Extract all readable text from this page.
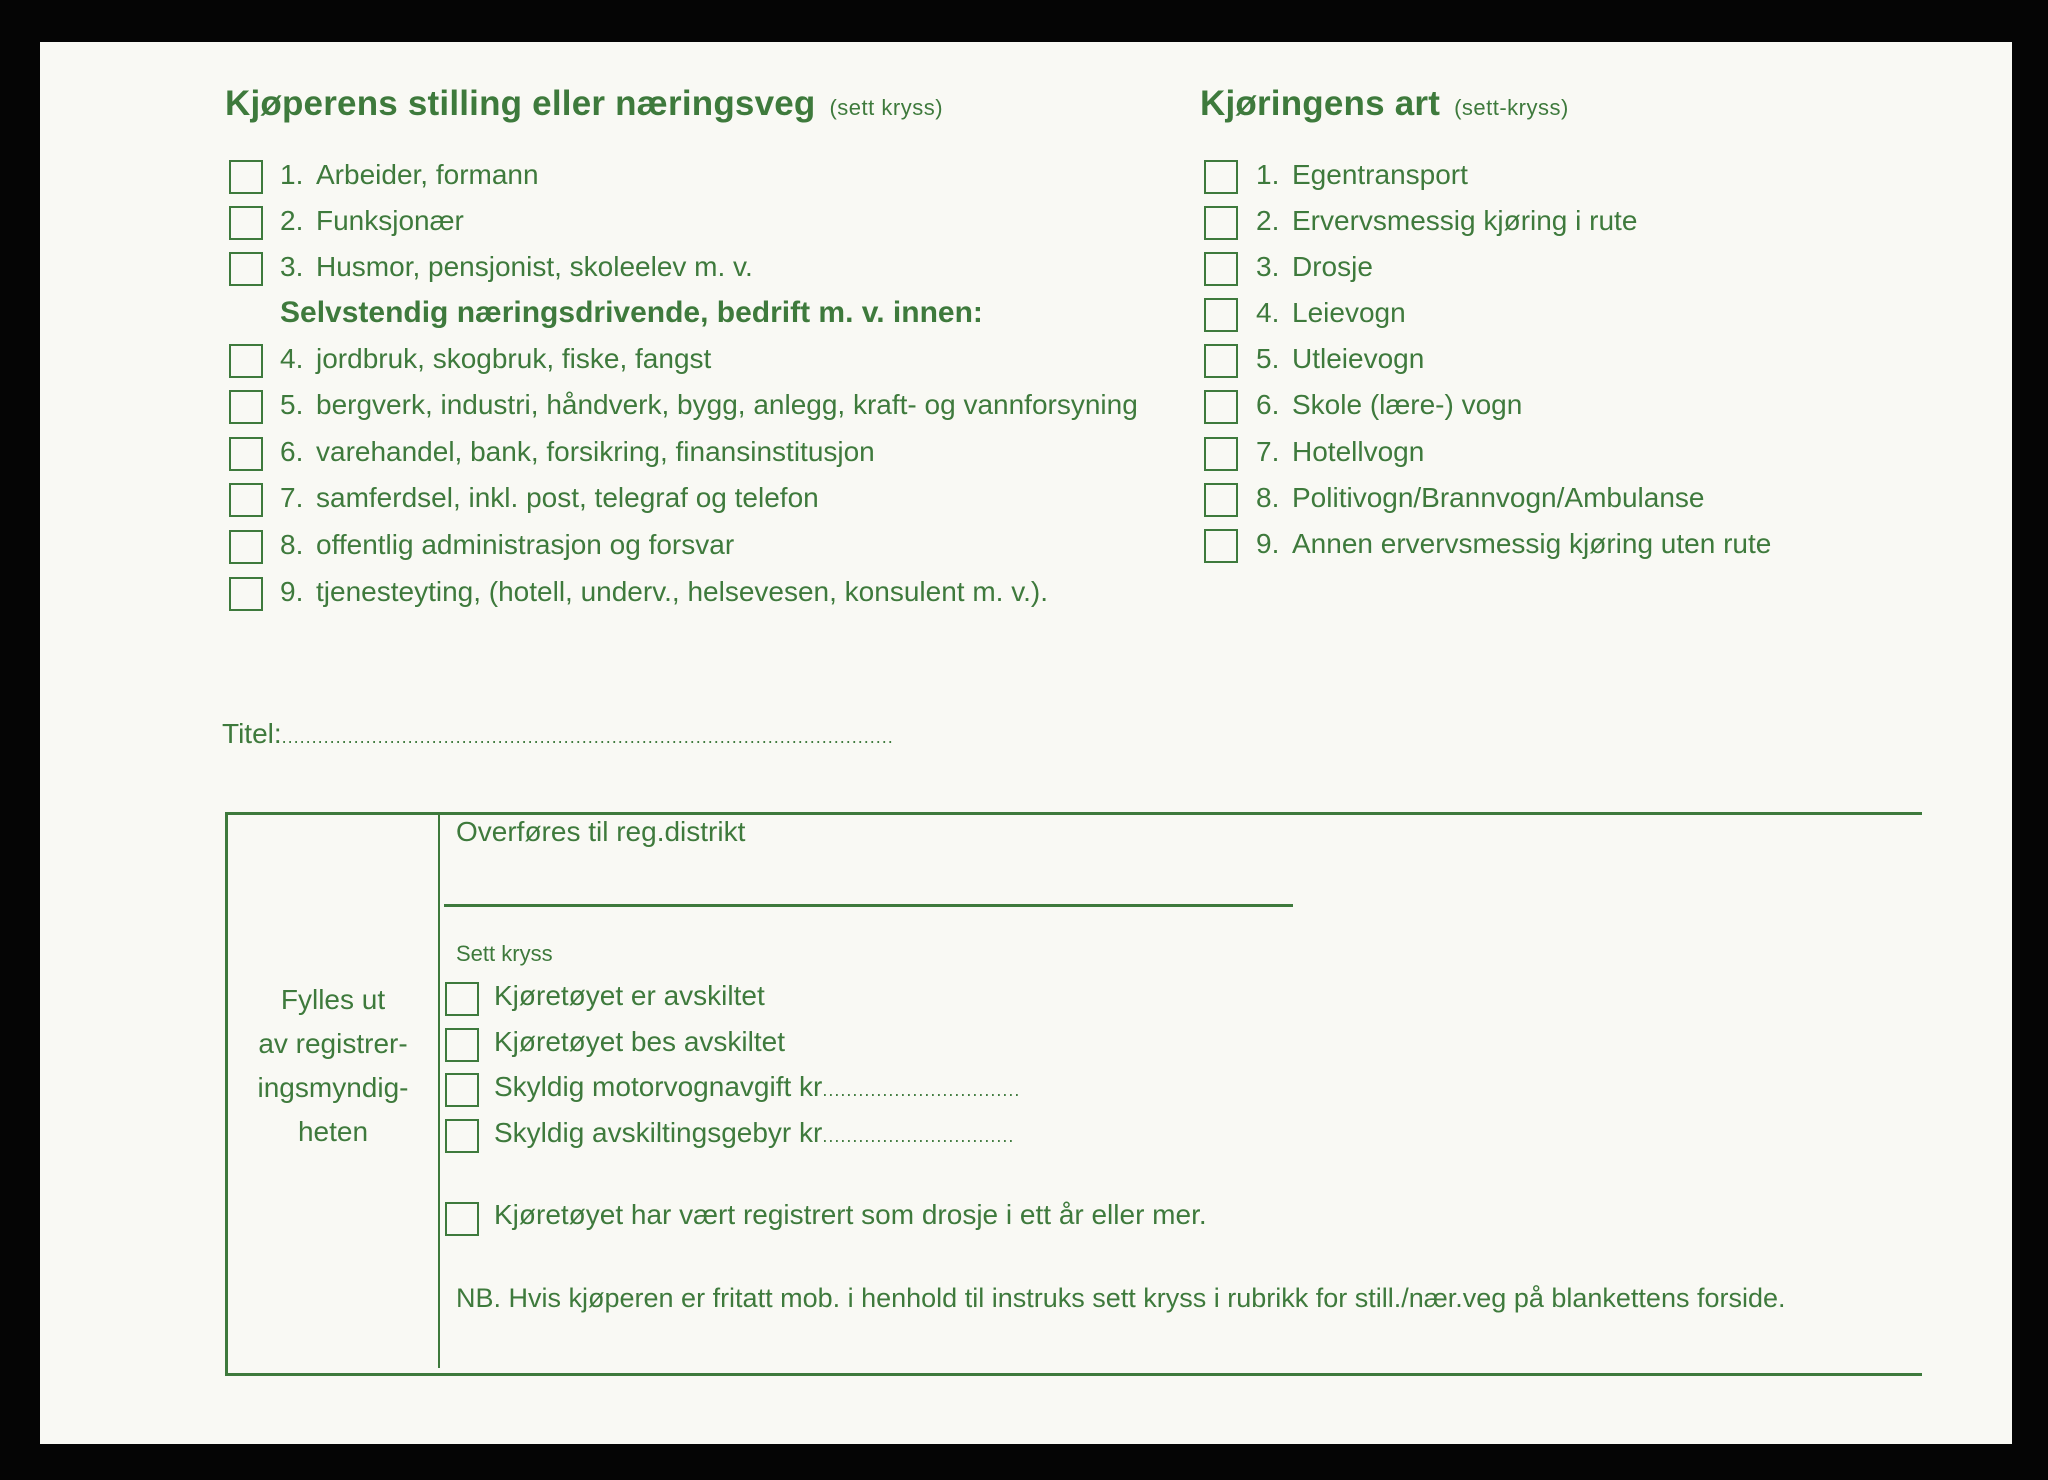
Kjøperens stilling eller næringsveg (sett kryss)
1. Arbeider, formann
2. Funksjonær
3. Husmor, pensjonist, skoleelev m. v.
Selvstendig næringsdrivende, bedrift m. v. innen:
4. jordbruk, skogbruk, fiske, fangst
5. bergverk, industri, håndverk, bygg, anlegg, kraft- og vannforsyning
6. varehandel, bank, forsikring, finansinstitusjon
7. samferdsel, inkl. post, telegraf og telefon
8. offentlig administrasjon og forsvar
9. tjenesteyting, (hotell, underv., helsevesen, konsulent m. v.).
Kjøringens art (sett-kryss)
1. Egentransport
2. Ervervsmessig kjøring i rute
3. Drosje
4. Leievogn
5. Utleievogn
6. Skole (lære-) vogn
7. Hotellvogn
8. Politivogn/Brannvogn/Ambulanse
9. Annen ervervsmessig kjøring uten rute
Titel:......................................................................................................
Fylles ut
av registrer-
ingsmyndig-
heten
Overføres til reg.distrikt
Sett kryss
Kjøretøyet er avskiltet
Kjøretøyet bes avskiltet
Skyldig motorvognavgift kr.................................
Skyldig avskiltingsgebyr kr................................
Kjøretøyet har vært registrert som drosje i ett år eller mer.
NB. Hvis kjøperen er fritatt mob. i henhold til instruks sett kryss i rubrikk for still./nær.veg på blankettens forside.
